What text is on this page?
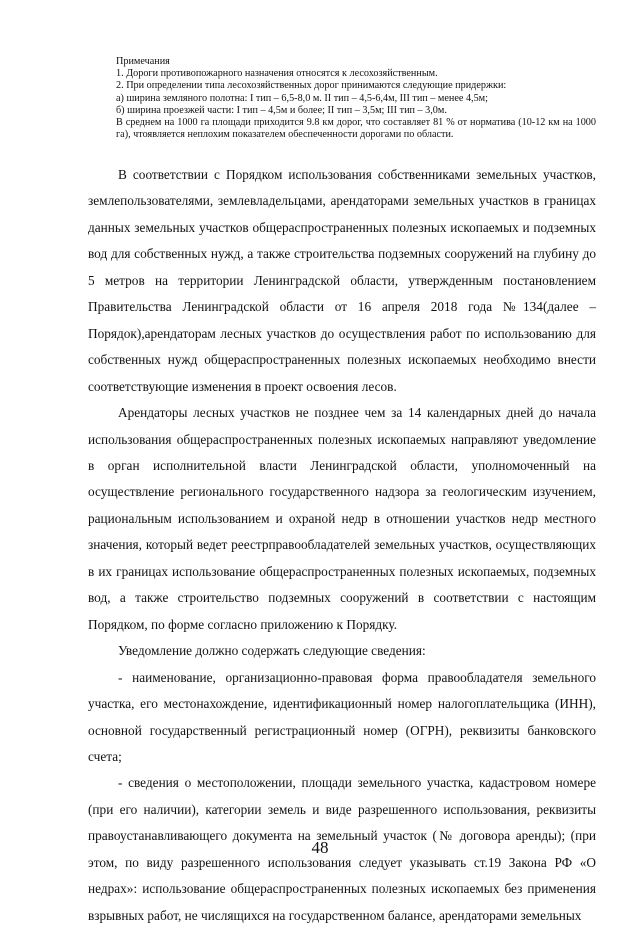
Примечания
1. Дороги противопожарного назначения относятся к лесохозяйственным.
2. При определении типа лесохозяйственных дорог принимаются следующие придержки:
а) ширина земляного полотна: I тип – 6,5-8,0 м. II тип – 4,5-6,4м, III тип – менее 4,5м;
б) ширина проезжей части: I тип – 4,5м и более; II тип – 3,5м; III тип – 3,0м.
В среднем на 1000 га площади приходится 9.8 км дорог, что составляет 81 % от норматива (10-12 км на 1000 га), чтоявляется неплохим показателем обеспеченности дорогами по области.

В соответствии с Порядком использования собственниками земельных участков, землепользователями, землевладельцами, арендаторами земельных участков в границах данных земельных участков общераспространенных полезных ископаемых и подземных вод для собственных нужд, а также строительства подземных сооружений на глубину до 5 метров на территории Ленинградской области, утвержденным постановлением Правительства Ленинградской области от 16 апреля 2018 года №134(далее – Порядок),арендаторам лесных участков до осуществления работ по использованию для собственных нужд общераспространенных полезных ископаемых необходимо внести соответствующие изменения в проект освоения лесов.

Арендаторы лесных участков не позднее чем за 14 календарных дней до начала использования общераспространенных полезных ископаемых направляют уведомление в орган исполнительной власти Ленинградской области, уполномоченный на осуществление регионального государственного надзора за геологическим изучением, рациональным использованием и охраной недр в отношении участков недр местного значения, который ведет реестрправообладателей земельных участков, осуществляющих в их границах использование общераспространенных полезных ископаемых, подземных вод, а также строительство подземных сооружений в соответствии с настоящим Порядком, по форме согласно приложению к Порядку.

Уведомление должно содержать следующие сведения:

- наименование, организационно-правовая форма правообладателя земельного участка, его местонахождение, идентификационный номер налогоплательщика (ИНН), основной государственный регистрационный номер (ОГРН), реквизиты банковского счета;

- сведения о местоположении, площади земельного участка, кадастровом номере (при его наличии), категории земель и виде разрешенного использования, реквизиты правоустанавливающего документа на земельный участок (№ договора аренды); (при этом, по виду разрешенного использования следует указывать ст.19 Закона РФ «О недрах»: использование общераспространенных полезных ископаемых без применения взрывных работ, не числящихся на государственном балансе, арендаторами земельных

48
